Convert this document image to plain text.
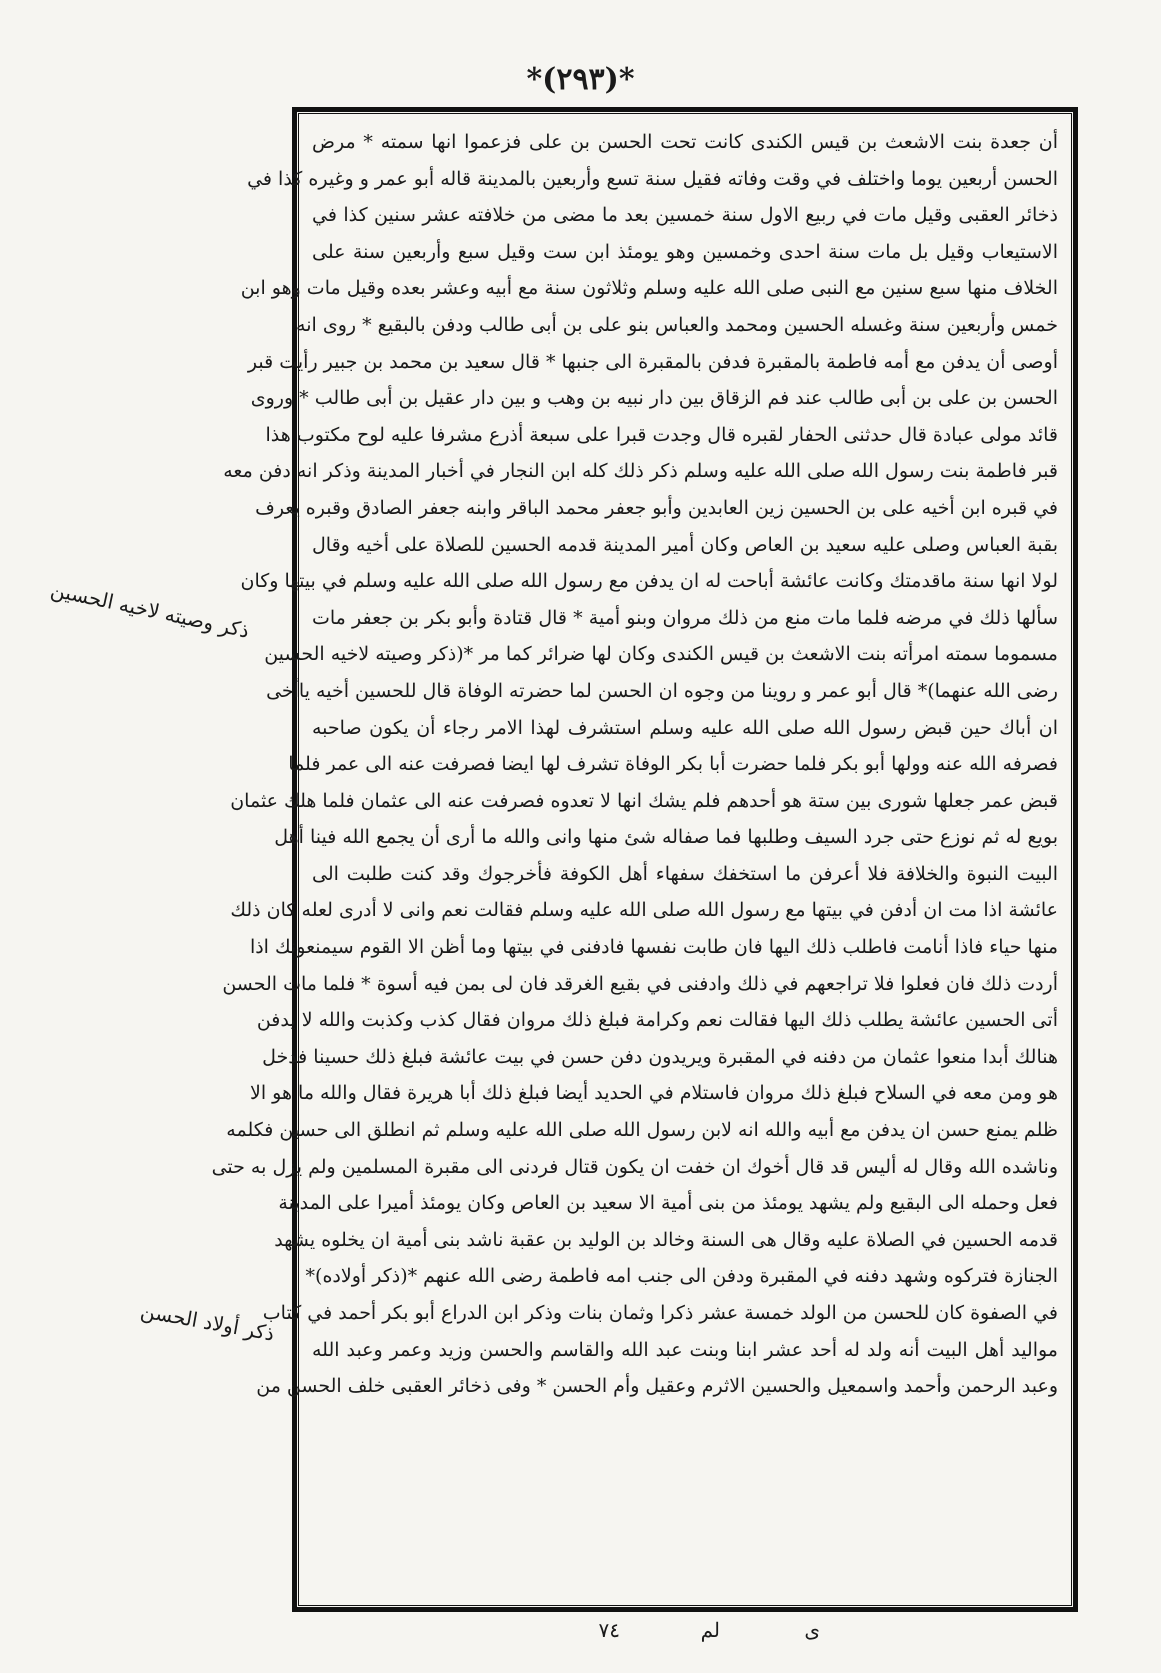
*(٢٩٣)*
أن جعدة بنت الاشعث بن قيس الكندى كانت تحت الحسن بن على فزعموا انها سمته * مرض
الحسن أربعين يوما واختلف في وقت وفاته فقيل سنة تسع وأربعين بالمدينة قاله أبو عمر و وغيره كذا في
ذخائر العقبى وقيل مات في ربيع الاول سنة خمسين بعد ما مضى من خلافته عشر سنين كذا في
الاستيعاب وقيل بل مات سنة احدى وخمسين وهو يومئذ ابن ست وقيل سبع وأربعين سنة على
الخلاف منها سبع سنين مع النبى صلى الله عليه وسلم وثلاثون سنة مع أبيه وعشر بعده وقيل مات وهو ابن
خمس وأربعين سنة وغسله الحسين ومحمد والعباس بنو على بن أبى طالب ودفن بالبقيع * روى انه
أوصى أن يدفن مع أمه فاطمة بالمقبرة فدفن بالمقبرة الى جنبها * قال سعيد بن محمد بن جبير رأيت قبر
الحسن بن على بن أبى طالب عند فم الزقاق بين دار نبيه بن وهب و بين دار عقيل بن أبى طالب * وروى
قائد مولى عبادة قال حدثنى الحفار لقبره قال وجدت قبرا على سبعة أذرع مشرفا عليه لوح مكتوب هذا
قبر فاطمة بنت رسول الله صلى الله عليه وسلم ذكر ذلك كله ابن النجار في أخبار المدينة وذكر انه دفن معه
في قبره ابن أخيه على بن الحسين زين العابدين وأبو جعفر محمد الباقر وابنه جعفر الصادق وقبره يعرف
بقبة العباس وصلى عليه سعيد بن العاص وكان أمير المدينة قدمه الحسين للصلاة على أخيه وقال
لولا انها سنة ماقدمتك وكانت عائشة أباحت له ان يدفن مع رسول الله صلى الله عليه وسلم في بيتها وكان
سألها ذلك في مرضه فلما مات منع من ذلك مروان وبنو أمية * قال قتادة وأبو بكر بن جعفر مات
مسموما سمته امرأته بنت الاشعث بن قيس الكندى وكان لها ضرائر كما مر *(ذكر وصيته لاخيه الحسين
رضى الله عنهما)* قال أبو عمر و روينا من وجوه ان الحسن لما حضرته الوفاة قال للحسين أخيه ياأخى
ان أباك حين قبض رسول الله صلى الله عليه وسلم استشرف لهذا الامر رجاء أن يكون صاحبه
فصرفه الله عنه وولها أبو بكر فلما حضرت أبا بكر الوفاة تشرف لها ايضا فصرفت عنه الى عمر فلما
قبض عمر جعلها شورى بين ستة هو أحدهم فلم يشك انها لا تعدوه فصرفت عنه الى عثمان فلما هلك عثمان
بويع له ثم نوزع حتى جرد السيف وطلبها فما صفاله شئ منها وانى والله ما أرى أن يجمع الله فينا أهل
البيت النبوة والخلافة فلا أعرفن ما استخفك سفهاء أهل الكوفة فأخرجوك وقد كنت طلبت الى
عائشة اذا مت ان أدفن في بيتها مع رسول الله صلى الله عليه وسلم فقالت نعم وانى لا أدرى لعله كان ذلك
منها حياء فاذا أنامت فاطلب ذلك اليها فان طابت نفسها فادفنى في بيتها وما أظن الا القوم سيمنعونك اذا
أردت ذلك فان فعلوا فلا تراجعهم في ذلك وادفنى في بقيع الغرقد فان لى بمن فيه أسوة * فلما مات الحسن
أتى الحسين عائشة يطلب ذلك اليها فقالت نعم وكرامة فبلغ ذلك مروان فقال كذب وكذبت والله لا يدفن
هنالك أبدا منعوا عثمان من دفنه في المقبرة ويريدون دفن حسن في بيت عائشة فبلغ ذلك حسينا فدخل
هو ومن معه في السلاح فبلغ ذلك مروان فاستلام في الحديد أيضا فبلغ ذلك أبا هريرة فقال والله ما هو الا
ظلم يمنع حسن ان يدفن مع أبيه والله انه لابن رسول الله صلى الله عليه وسلم ثم انطلق الى حسين فكلمه
وناشده الله وقال له أليس قد قال أخوك ان خفت ان يكون قتال فردنى الى مقبرة المسلمين ولم يزل به حتى
فعل وحمله الى البقيع ولم يشهد يومئذ من بنى أمية الا سعيد بن العاص وكان يومئذ أميرا على المدينة
قدمه الحسين في الصلاة عليه وقال هى السنة وخالد بن الوليد بن عقبة ناشد بنى أمية ان يخلوه يشهد
الجنازة فتركوه وشهد دفنه في المقبرة ودفن الى جنب امه فاطمة رضى الله عنهم *(ذكر أولاده)*
في الصفوة كان للحسن من الولد خمسة عشر ذكرا وثمان بنات وذكر ابن الدراع أبو بكر أحمد في كتاب
مواليد أهل البيت أنه ولد له أحد عشر ابنا وبنت عبد الله والقاسم والحسن وزيد وعمر وعبد الله
وعبد الرحمن وأحمد واسمعيل والحسين الاثرم وعقيل وأم الحسن * وفى ذخائر العقبى خلف الحسن من
ذكر وصيته لاخيه الحسين
ذكر أولاد الحسن
ى
لم
٧٤
